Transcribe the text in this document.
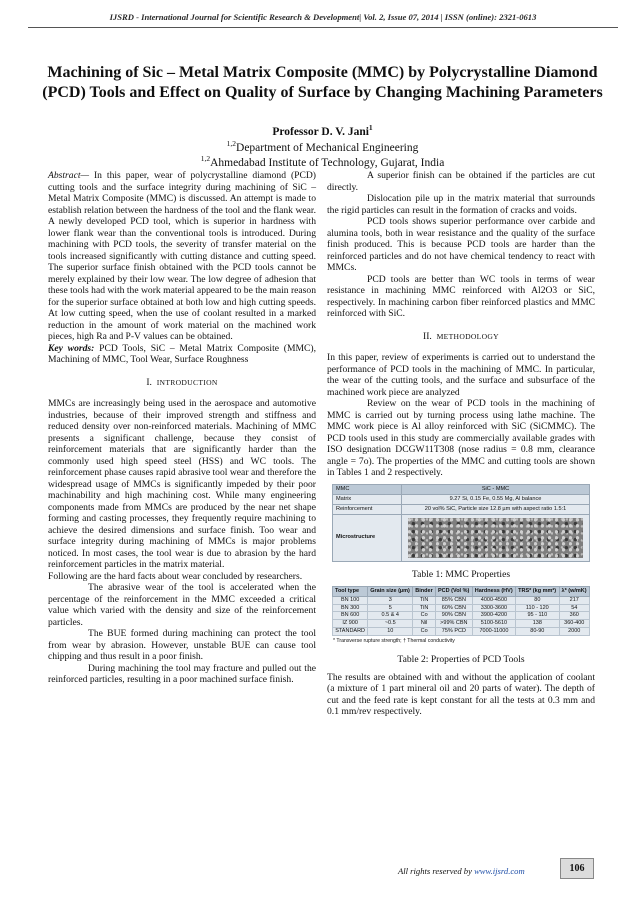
IJSRD - International Journal for Scientific Research & Development| Vol. 2, Issue 07, 2014 | ISSN (online): 2321-0613
Machining of Sic – Metal Matrix Composite (MMC) by Polycrystalline Diamond (PCD) Tools and Effect on Quality of Surface by Changing Machining Parameters
Professor D. V. Jani$^1$
$^{1,2}$Department of Mechanical Engineering
$^{1,2}$Ahmedabad Institute of Technology, Gujarat, India

Abstract— In this paper, wear of polycrystalline diamond (PCD) cutting tools and the surface integrity during machining of SiC – Metal Matrix Composite (MMC) is discussed. An attempt is made to establish relation between the hardness of the tool and the flank wear. A newly developed PCD tool, which is superior in hardness with lower flank wear than the conventional tools is introduced. During machining with PCD tools, the severity of transfer material on the tools increased significantly with cutting distance and cutting speed. The superior surface finish obtained with the PCD tools cannot be merely explained by their low wear. The low degree of adhesion that these tools had with the work material appeared to be the main reason for the superior surface obtained at both low and high cutting speeds. At low cutting speed, when the use of coolant resulted in a marked reduction in the amount of work material on the machined work pieces, high Ra and P-V values can be obtained.

Key words: PCD Tools, SiC – Metal Matrix Composite (MMC), Machining of MMC, Tool Wear, Surface Roughness

I. INTRODUCTION

MMCs are increasingly being used in the aerospace and automotive industries, because of their improved strength and stiffness and reduced density over non-reinforced materials. Machining of MMC presents a significant challenge, because they consist of reinforcement materials that are significantly harder than the commonly used high speed steel (HSS) and WC tools. The reinforcement phase causes rapid abrasive tool wear and therefore the widespread usage of MMCs is significantly impeded by their poor machinability and high machining cost. While many engineering components made from MMCs are produced by the near net shape forming and casting processes, they frequently require machining to achieve the desired dimensions and surface finish. Too wear and surface integrity during machining of MMCs is major problems noticed. In most cases, the tool wear is due to abrasion by the hard reinforcement particles in the matrix material.

Following are the hard facts about wear concluded by researchers.

The abrasive wear of the tool is accelerated when the percentage of the reinforcement in the MMC exceeded a critical value which varied with the density and size of the reinforcement particles.

The BUE formed during machining can protect the tool from wear by abrasion. However, unstable BUE can cause tool chipping and thus result in a poor finish.

During machining the tool may fracture and pulled out the reinforced particles, resulting in a poor machined surface finish.

A superior finish can be obtained if the particles are cut directly.

Dislocation pile up in the matrix material that surrounds the rigid particles can result in the formation of cracks and voids.

PCD tools shows superior performance over carbide and alumina tools, both in wear resistance and the quality of the surface finish produced. This is because PCD tools are harder than the reinforced particles and do not have chemical tendency to react with MMCs.

PCD tools are better than WC tools in terms of wear resistance in machining MMC reinforced with Al2O3 or SiC, respectively. In machining carbon fiber reinforced plastics and MMC reinforced with SiC.

II. METHODOLOGY

In this paper, review of experiments is carried out to understand the performance of PCD tools in the machining of MMC. In particular, the wear of the cutting tools, and the surface and subsurface of the machined work piece are analyzed

Review on the wear of PCD tools in the machining of MMC is carried out by turning process using lathe machine. The MMC work piece is Al alloy reinforced with SiC (SiCMMC). The PCD tools used in this study are commercially available grades with ISO designation DCGW11T308 (nose radius = 0.8 mm, clearance angle = 7o). The properties of the MMC and cutting tools are shown in Tables 1 and 2 respectively.

MMC	SiC - MMC
Matrix	9.27 Si, 0.15 Fe, 0.55 Mg, Al balance
Reinforcement	20 vol% SiC, Particle size 12.8 µm with aspect ratio 1.5:1
Microstructure	

Table 1: MMC Properties

Tool type	Grain size (µm)	Binder	PCD (Vol %)	Hardness (HV)	TRS* (kg mm²)	λ* (w/mK)
BN 100	3	TiN	85% CBN	4000-4500	80	217
BN 300	5	TiN	60% CBN	3300-3600	110 - 120	54
BN 600	0.5 & 4	Co	90% CBN	3900-4200	95 - 110	360
IZ 900	~0.5	Nil	>99% CBN	5100-5610	138	360-400
STANDARD	10	Co	75% PCD	7000-11000	80-90	2000
* Transverse rupture strength; † Thermal conductivity

Table 2: Properties of PCD Tools

The results are obtained with and without the application of coolant (a mixture of 1 part mineral oil and 20 parts of water). The depth of cut and the feed rate is kept constant for all the tests at 0.3 mm and 0.1 mm/rev respectively.

All rights reserved by www.ijsrd.com	106
